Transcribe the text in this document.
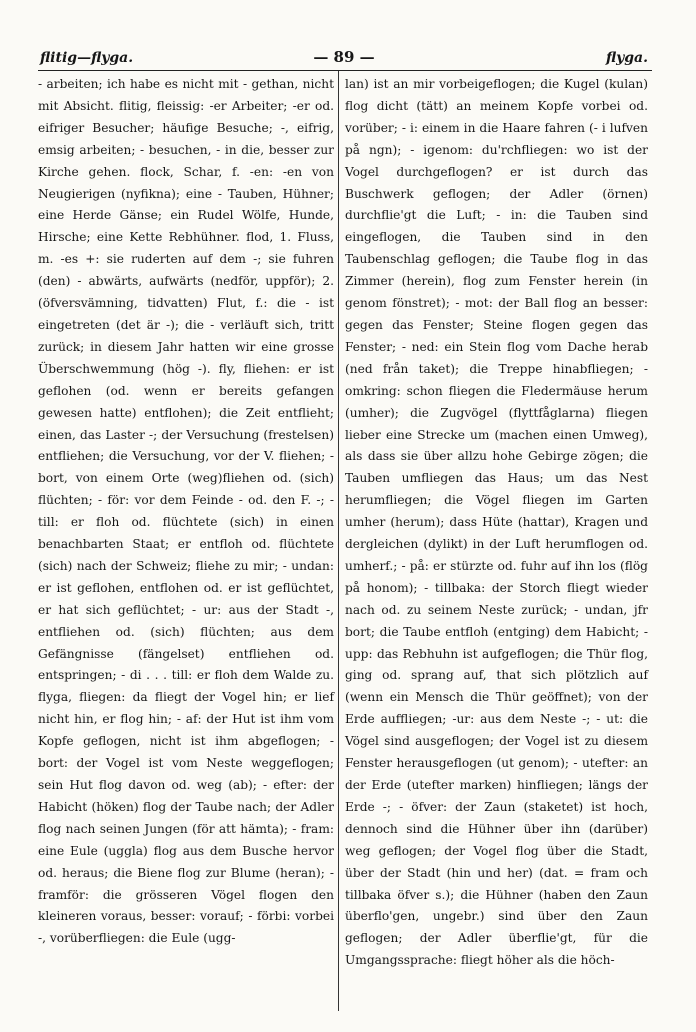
flitig—flyga.	— 89 —	flyga.

- arbeiten; ich habe es nicht mit - gethan, nicht mit Absicht. flitig, fleissig: -er Arbeiter; -er od. eifriger Besucher; häufige Besuche; -, eifrig, emsig arbeiten; - besuchen, - in die, besser zur Kirche gehen. flock, Schar, f. -en: -en von Neugierigen (nyfikna); eine - Tauben, Hühner; eine Herde Gänse; ein Rudel Wölfe, Hunde, Hirsche; eine Kette Rebhühner. flod, 1. Fluss, m. -es +: sie ruderten auf dem -; sie fuhren (den) - abwärts, aufwärts (nedför, uppför); 2. (öfversvämning, tidvatten) Flut, f.: die - ist eingetreten (det är -); die - verläuft sich, tritt zurück; in diesem Jahr hatten wir eine grosse Überschwemmung (hög -). fly, fliehen: er ist geflohen (od. wenn er bereits gefangen gewesen hatte) entflohen); die Zeit entflieht; einen, das Laster -; der Versuchung (frestelsen) entfliehen; die Versuchung, vor der V. fliehen; - bort, von einem Orte (weg)fliehen od. (sich) flüchten; - för: vor dem Feinde - od. den F. -; - till: er floh od. flüchtete (sich) in einen benachbarten Staat; er entfloh od. flüchtete (sich) nach der Schweiz; fliehe zu mir; - undan: er ist geflohen, entflohen od. er ist geflüchtet, er hat sich geflüchtet; - ur: aus der Stadt -, entfliehen od. (sich) flüchten; aus dem Gefängnisse (fängelset) entfliehen od. entspringen; - di . . . till: er floh dem Walde zu. flyga, fliegen: da fliegt der Vogel hin; er lief nicht hin, er flog hin; - af: der Hut ist ihm vom Kopfe geflogen, nicht ist ihm abgeflogen; - bort: der Vogel ist vom Neste weggeflogen; sein Hut flog davon od. weg (ab); - efter: der Habicht (höken) flog der Taube nach; der Adler flog nach seinen Jungen (för att hämta); - fram: eine Eule (uggla) flog aus dem Busche hervor od. heraus; die Biene flog zur Blume (heran); - framför: die grösseren Vögel flogen den kleineren voraus, besser: vorauf; - förbi: vorbei -, vorüberfliegen: die Eule (ugg-

lan) ist an mir vorbeigeflogen; die Kugel (kulan) flog dicht (tätt) an meinem Kopfe vorbei od. vorüber; - i: einem in die Haare fahren (- i lufven på ngn); - igenom: du'rchfliegen: wo ist der Vogel durchgeflogen? er ist durch das Buschwerk geflogen; der Adler (örnen) durchflie'gt die Luft; - in: die Tauben sind eingeflogen, die Tauben sind in den Taubenschlag geflogen; die Taube flog in das Zimmer (herein), flog zum Fenster herein (in genom fönstret); - mot: der Ball flog an besser: gegen das Fenster; Steine flogen gegen das Fenster; - ned: ein Stein flog vom Dache herab (ned från taket); die Treppe hinabfliegen; - omkring: schon fliegen die Fledermäuse herum (umher); die Zugvögel (flyttfåglarna) fliegen lieber eine Strecke um (machen einen Umweg), als dass sie über allzu hohe Gebirge zögen; die Tauben umfliegen das Haus; um das Nest herumfliegen; die Vögel fliegen im Garten umher (herum); dass Hüte (hattar), Kragen und dergleichen (dylikt) in der Luft herumflogen od. umherf.; - på: er stürzte od. fuhr auf ihn los (flög på honom); - tillbaka: der Storch fliegt wieder nach od. zu seinem Neste zurück; - undan, jfr bort; die Taube entfloh (entging) dem Habicht; - upp: das Rebhuhn ist aufgeflogen; die Thür flog, ging od. sprang auf, that sich plötzlich auf (wenn ein Mensch die Thür geöffnet); von der Erde auffliegen; -ur: aus dem Neste -; - ut: die Vögel sind ausgeflogen; der Vogel ist zu diesem Fenster herausgeflogen (ut genom); - utefter: an der Erde (utefter marken) hinfliegen; längs der Erde -; - öfver: der Zaun (staketet) ist hoch, dennoch sind die Hühner über ihn (darüber) weg geflogen; der Vogel flog über die Stadt, über der Stadt (hin und her) (dat. = fram och tillbaka öfver s.); die Hühner (haben den Zaun überflo'gen, ungebr.) sind über den Zaun geflogen; der Adler überflie'gt, für die Umgangssprache: fliegt höher als die höch-
